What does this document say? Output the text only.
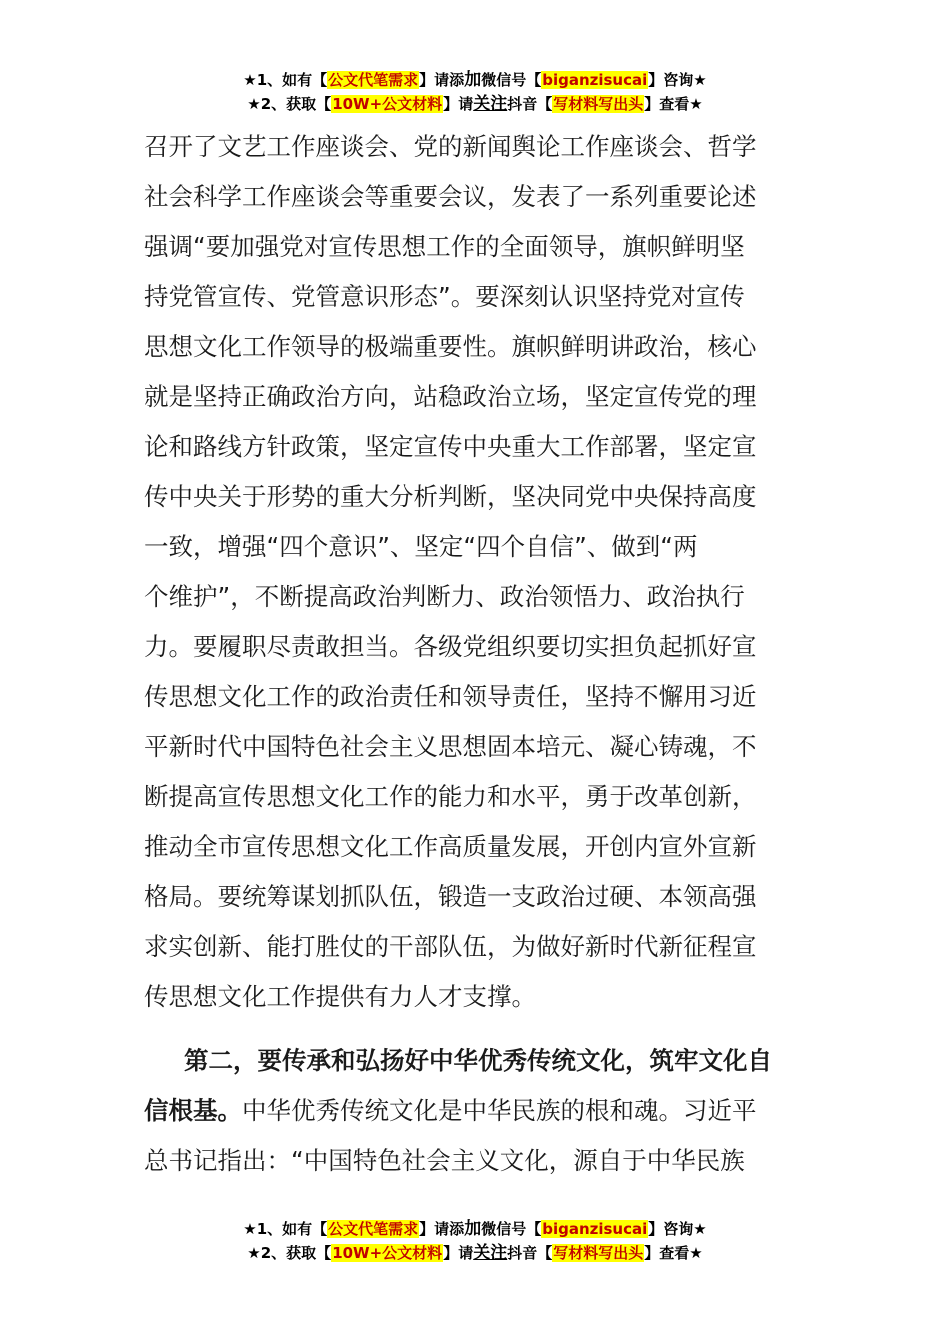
★1、如有【公文代笔需求】请添加微信号【biganzisucai】咨询★
★2、获取【10W+公文材料】请关注抖音【写材料写出头】查看★
召开了文艺工作座谈会、党的新闻舆论工作座谈会、哲学
社会科学工作座谈会等重要会议，发表了一系列重要论述
强调“要加强党对宣传思想工作的全面领导，旗帜鲜明坚
持党管宣传、党管意识形态”。要深刻认识坚持党对宣传
思想文化工作领导的极端重要性。旗帜鲜明讲政治，核心
就是坚持正确政治方向，站稳政治立场，坚定宣传党的理
论和路线方针政策，坚定宣传中央重大工作部署，坚定宣
传中央关于形势的重大分析判断，坚决同党中央保持高度
一致，增强“四个意识”、坚定“四个自信”、做到“两
个维护”，不断提高政治判断力、政治领悟力、政治执行
力。要履职尽责敢担当。各级党组织要切实担负起抓好宣
传思想文化工作的政治责任和领导责任，坚持不懈用习近
平新时代中国特色社会主义思想固本培元、凝心铸魂，不
断提高宣传思想文化工作的能力和水平，勇于改革创新，
推动全市宣传思想文化工作高质量发展，开创内宣外宣新
格局。要统筹谋划抓队伍，锻造一支政治过硬、本领高强
求实创新、能打胜仗的干部队伍，为做好新时代新征程宣
传思想文化工作提供有力人才支撑。
第二，要传承和弘扬好中华优秀传统文化，筑牢文化自
信根基。中华优秀传统文化是中华民族的根和魂。习近平
总书记指出：“中国特色社会主义文化，源自于中华民族
★1、如有【公文代笔需求】请添加微信号【biganzisucai】咨询★
★2、获取【10W+公文材料】请关注抖音【写材料写出头】查看★
